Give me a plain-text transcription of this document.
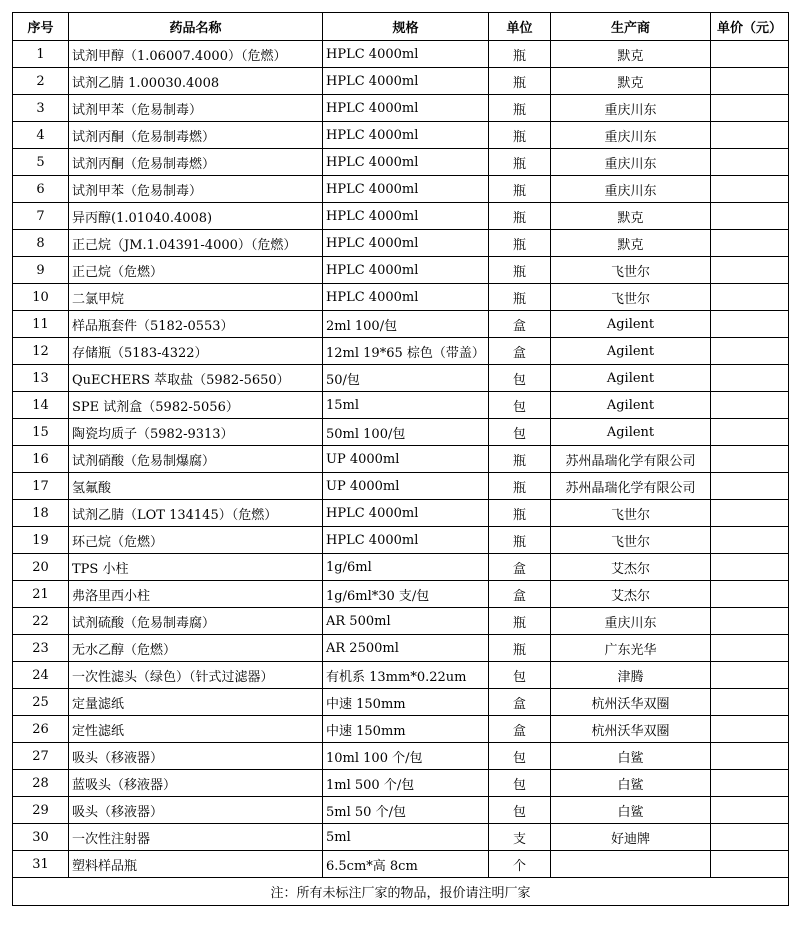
序号	药品名称	规格	单位	生产商	单价（元）
1	试剂甲醇（1.06007.4000）（危燃）	HPLC 4000ml	瓶	默克	
2	试剂乙腈 1.00030.4008	HPLC 4000ml	瓶	默克	
3	试剂甲苯（危易制毒）	HPLC 4000ml	瓶	重庆川东	
4	试剂丙酮（危易制毒燃）	HPLC 4000ml	瓶	重庆川东	
5	试剂丙酮（危易制毒燃）	HPLC 4000ml	瓶	重庆川东	
6	试剂甲苯（危易制毒）	HPLC 4000ml	瓶	重庆川东	
7	异丙醇(1.01040.4008)	HPLC 4000ml	瓶	默克	
8	正己烷（JM.1.04391-4000）（危燃）	HPLC 4000ml	瓶	默克	
9	正己烷（危燃）	HPLC 4000ml	瓶	飞世尔	
10	二氯甲烷	HPLC 4000ml	瓶	飞世尔	
11	样品瓶套件（5182-0553）	2ml 100/包	盒	Agilent	
12	存储瓶（5183-4322）	12ml 19*65 棕色（带盖）	盒	Agilent	
13	QuECHERS 萃取盐（5982-5650）	50/包	包	Agilent	
14	SPE 试剂盒（5982-5056）	15ml	包	Agilent	
15	陶瓷均质子（5982-9313）	50ml 100/包	包	Agilent	
16	试剂硝酸（危易制爆腐）	UP 4000ml	瓶	苏州晶瑞化学有限公司	
17	氢氟酸	UP 4000ml	瓶	苏州晶瑞化学有限公司	
18	试剂乙腈（LOT 134145）（危燃）	HPLC 4000ml	瓶	飞世尔	
19	环己烷（危燃）	HPLC 4000ml	瓶	飞世尔	
20	TPS 小柱	1g/6ml	盒	艾杰尔	
21	弗洛里西小柱	1g/6ml*30 支/包	盒	艾杰尔	
22	试剂硫酸（危易制毒腐）	AR 500ml	瓶	重庆川东	
23	无水乙醇（危燃）	AR 2500ml	瓶	广东光华	
24	一次性滤头（绿色）（针式过滤器）	有机系 13mm*0.22um	包	津腾	
25	定量滤纸	中速 150mm	盒	杭州沃华双圈	
26	定性滤纸	中速 150mm	盒	杭州沃华双圈	
27	吸头（移液器）	10ml 100 个/包	包	白鲨	
28	蓝吸头（移液器）	1ml 500 个/包	包	白鲨	
29	吸头（移液器）	5ml 50 个/包	包	白鲨	
30	一次性注射器	5ml	支	好迪牌	
31	塑料样品瓶	6.5cm*高 8cm	个		
注：所有未标注厂家的物品，报价请注明厂家					
